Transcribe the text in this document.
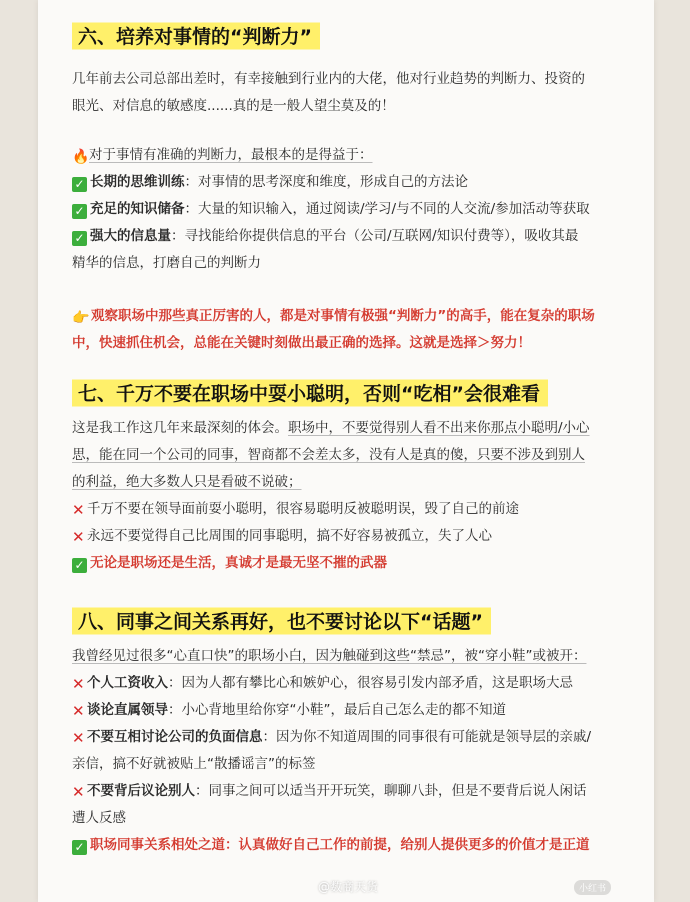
六、培养对事情的“判断力”

几年前去公司总部出差时，有幸接触到行业内的大佬，他对行业趋势的判断力、投资的

眼光、对信息的敏感度......真的是一般人望尘莫及的！

🔥对于事情有准确的判断力，最根本的是得益于：

✓ 长期的思维训练：对事情的思考深度和维度，形成自己的方法论

✓ 充足的知识储备：大量的知识输入，通过阅读/学习/与不同的人交流/参加活动等获取

✓ 强大的信息量：寻找能给你提供信息的平台（公司/互联网/知识付费等），吸收其最

精华的信息，打磨自己的判断力

👉 观察职场中那些真正厉害的人，都是对事情有极强“判断力”的高手，能在复杂的职场

中，快速抓住机会，总能在关键时刻做出最正确的选择。这就是选择＞努力！

七、千万不要在职场中耍小聪明，否则“吃相”会很难看

这是我工作这几年来最深刻的体会。职场中，不要觉得别人看不出来你那点小聪明/小心

思，能在同一个公司的同事，智商都不会差太多，没有人是真的傻，只要不涉及到别人

的利益，绝大多数人只是看破不说破；

✕ 千万不要在领导面前耍小聪明，很容易聪明反被聪明误，毁了自己的前途

✕ 永远不要觉得自己比周围的同事聪明，搞不好容易被孤立，失了人心

✓ 无论是职场还是生活，真诚才是最无坚不摧的武器

八、同事之间关系再好，也不要讨论以下“话题”

我曾经见过很多“心直口快”的职场小白，因为触碰到这些“禁忌”，被“穿小鞋”或被开：

✕ 个人工资收入：因为人都有攀比心和嫉妒心，很容易引发内部矛盾，这是职场大忌

✕ 谈论直属领导：小心背地里给你穿“小鞋”，最后自己怎么走的都不知道

✕ 不要互相讨论公司的负面信息：因为你不知道周围的同事很有可能就是领导层的亲戚/

亲信，搞不好就被贴上“散播谣言”的标签

✕ 不要背后议论别人：同事之间可以适当开开玩笑，聊聊八卦，但是不要背后说人闲话

遭人反感

✓ 职场同事关系相处之道：认真做好自己工作的前提，给别人提供更多的价值才是正道

@数商天货	小红书
